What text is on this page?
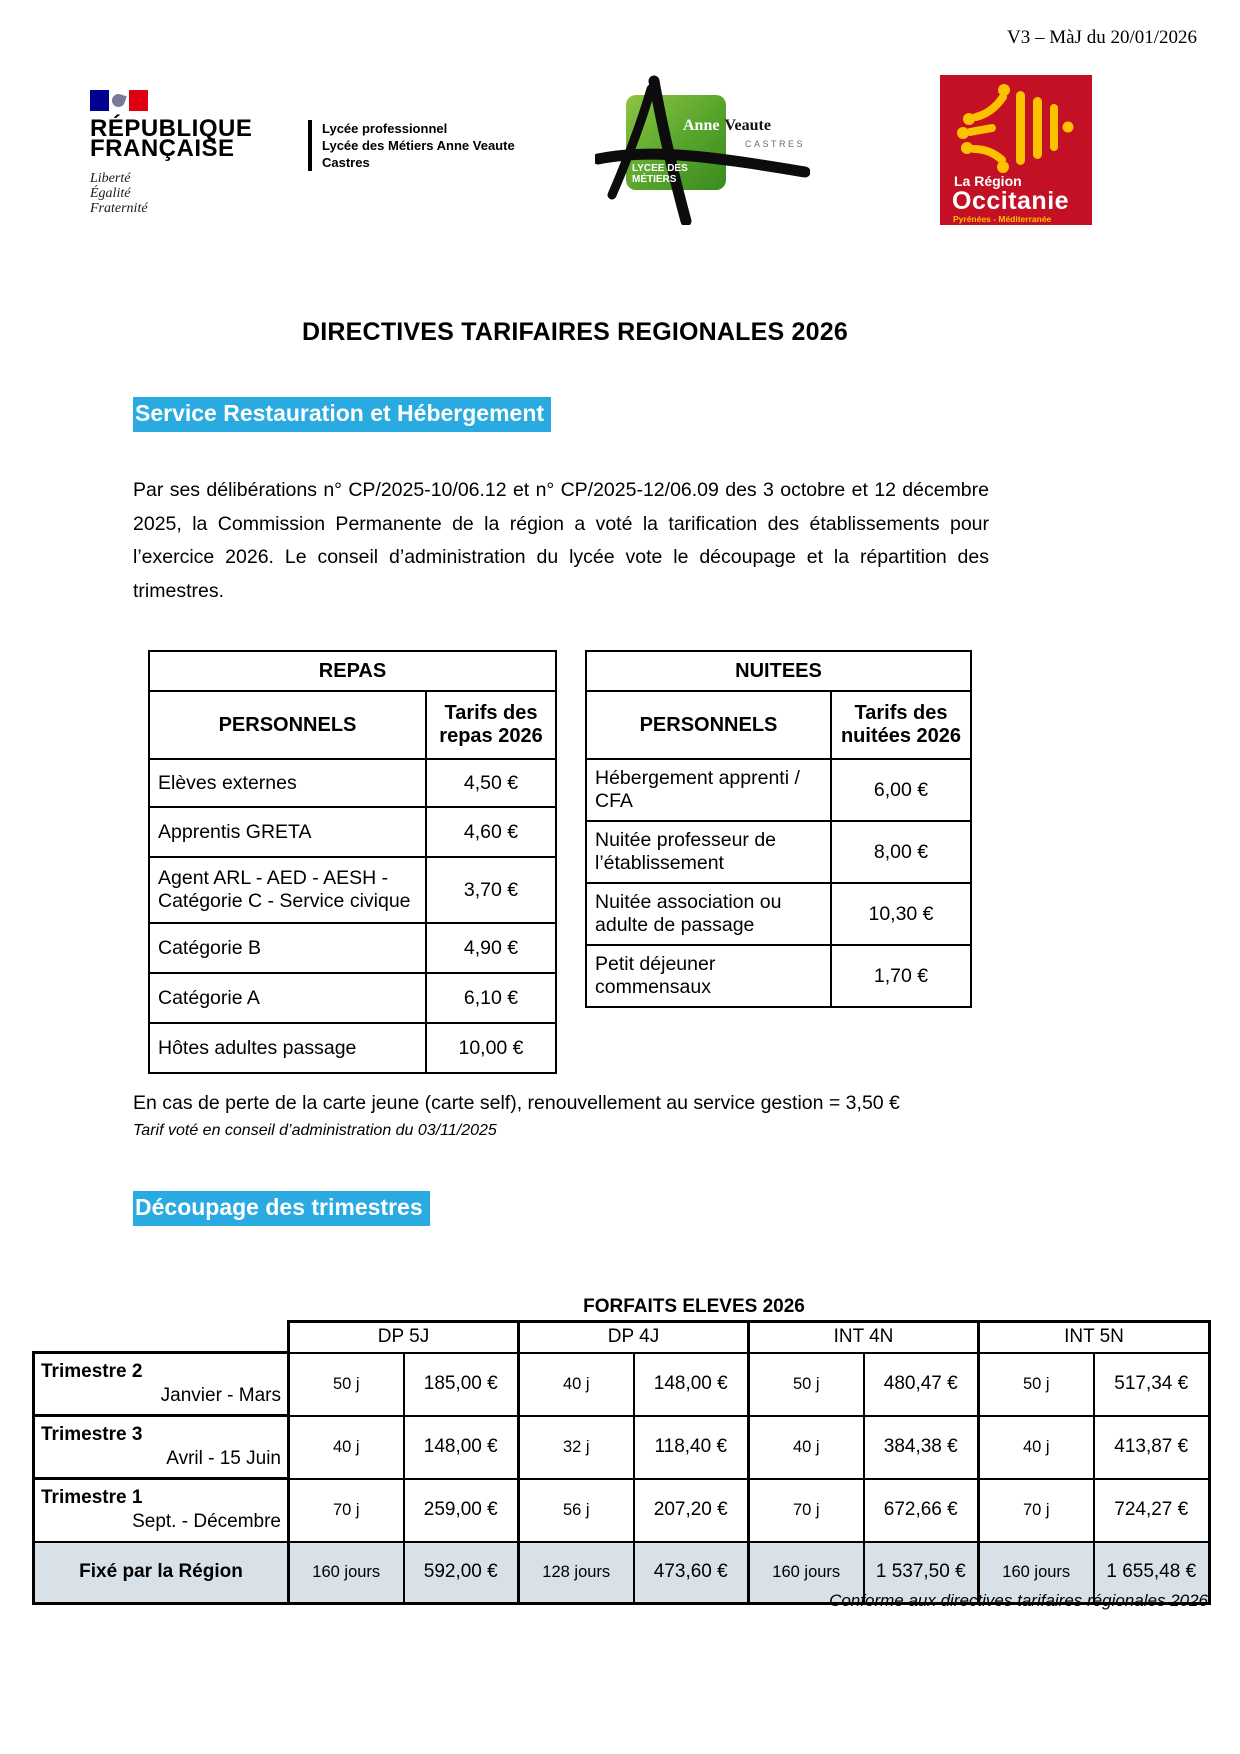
V3 – MàJ du 20/01/2026
RÉPUBLIQUE
FRANÇAISE
Liberté
Égalité
Fraternité
Lycée professionnel
Lycée des Métiers Anne Veaute
Castres
Anne Veaute
CASTRES
LYCEE DES
MÉTIERS	La Région
Occitanie
Pyrénées - Méditerranée
DIRECTIVES TARIFAIRES REGIONALES 2026
Service Restauration et Hébergement
Par ses délibérations n° CP/2025-10/06.12 et n° CP/2025-12/06.09 des 3 octobre et 12 décembre 2025, la Commission Permanente de la région a voté la tarification des établissements pour l’exercice 2026. Le conseil d’administration du lycée vote le découpage et la répartition des trimestres.
REPAS	
PERSONNELS	Tarifs des repas 2026
Elèves externes	4,50 €
Apprentis GRETA	4,60 €
Agent ARL - AED - AESH - Catégorie C - Service civique	3,70 €
Catégorie B	4,90 €
Catégorie A	6,10 €
Hôtes adultes passage	10,00 €
NUITEES	
PERSONNELS	Tarifs des nuitées 2026
Hébergement apprenti / CFA	6,00 €
Nuitée professeur de l’établissement	8,00 €
Nuitée association ou adulte de passage	10,30 €
Petit déjeuner commensaux	1,70 €
En cas de perte de la carte jeune (carte self), renouvellement au service gestion = 3,50 €
Tarif voté en conseil d’administration du 03/11/2025
Découpage des trimestres
FORFAITS ELEVES 2026
	DP 5J		DP 4J		INT 4N		INT 5N	

Trimestre 2
Janvier - Mars	50 j	185,00 €	40 j	148,00 €	50 j	480,47 €	50 j	517,34 €

Trimestre 3
Avril - 15 Juin	40 j	148,00 €	32 j	118,40 €	40 j	384,38 €	40 j	413,87 €

Trimestre 1
Sept. - Décembre	70 j	259,00 €	56 j	207,20 €	70 j	672,66 €	70 j	724,27 €
Fixé par la Région	160 jours	592,00 €	128 jours	473,60 €	160 jours	1 537,50 €	160 jours	1 655,48 €
Conforme aux directives tarifaires régionales 2026
